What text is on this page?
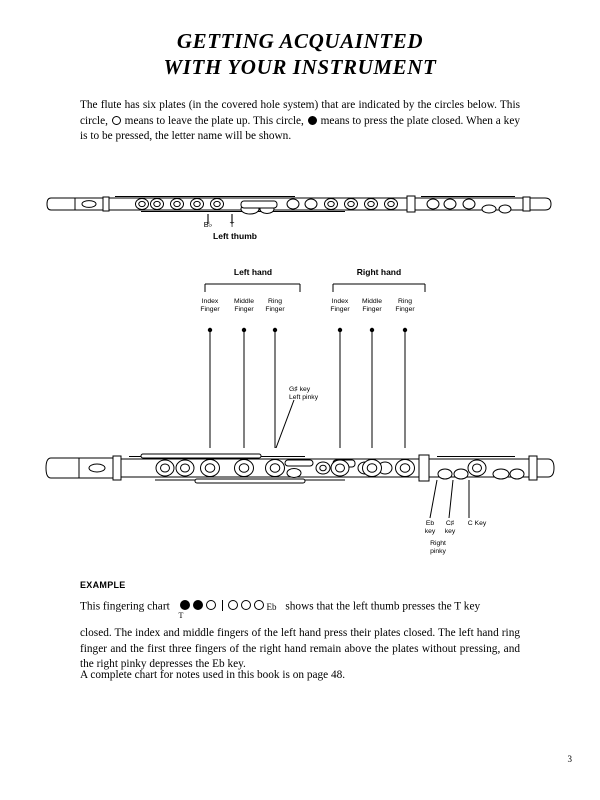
GETTING ACQUAINTED
WITH YOUR INSTRUMENT
The flute has six plates (in the covered hole system) that are indicated by the circles below. This circle, means to leave the plate up. This circle, means to press the plate closed. When a key is to be pressed, the letter name will be shown.
B♭	T
Left thumb
Left hand	Right hand
Index
Finger
Middle
Finger
Ring
Finger
Index
Finger
Middle
Finger
Ring
Finger
G♯ key
Left pinky
Eb
key
C♯
key
C Key
Right
pinky
EXAMPLE
This fingering chart	Eb
T
shows that the left thumb presses the T key
closed. The index and middle fingers of the left hand press their plates closed. The left hand ring finger and the first three fingers of the right hand remain above the plates without pressing, and the right pinky depresses the Eb key.
A complete chart for notes used in this book is on page 48.
3
